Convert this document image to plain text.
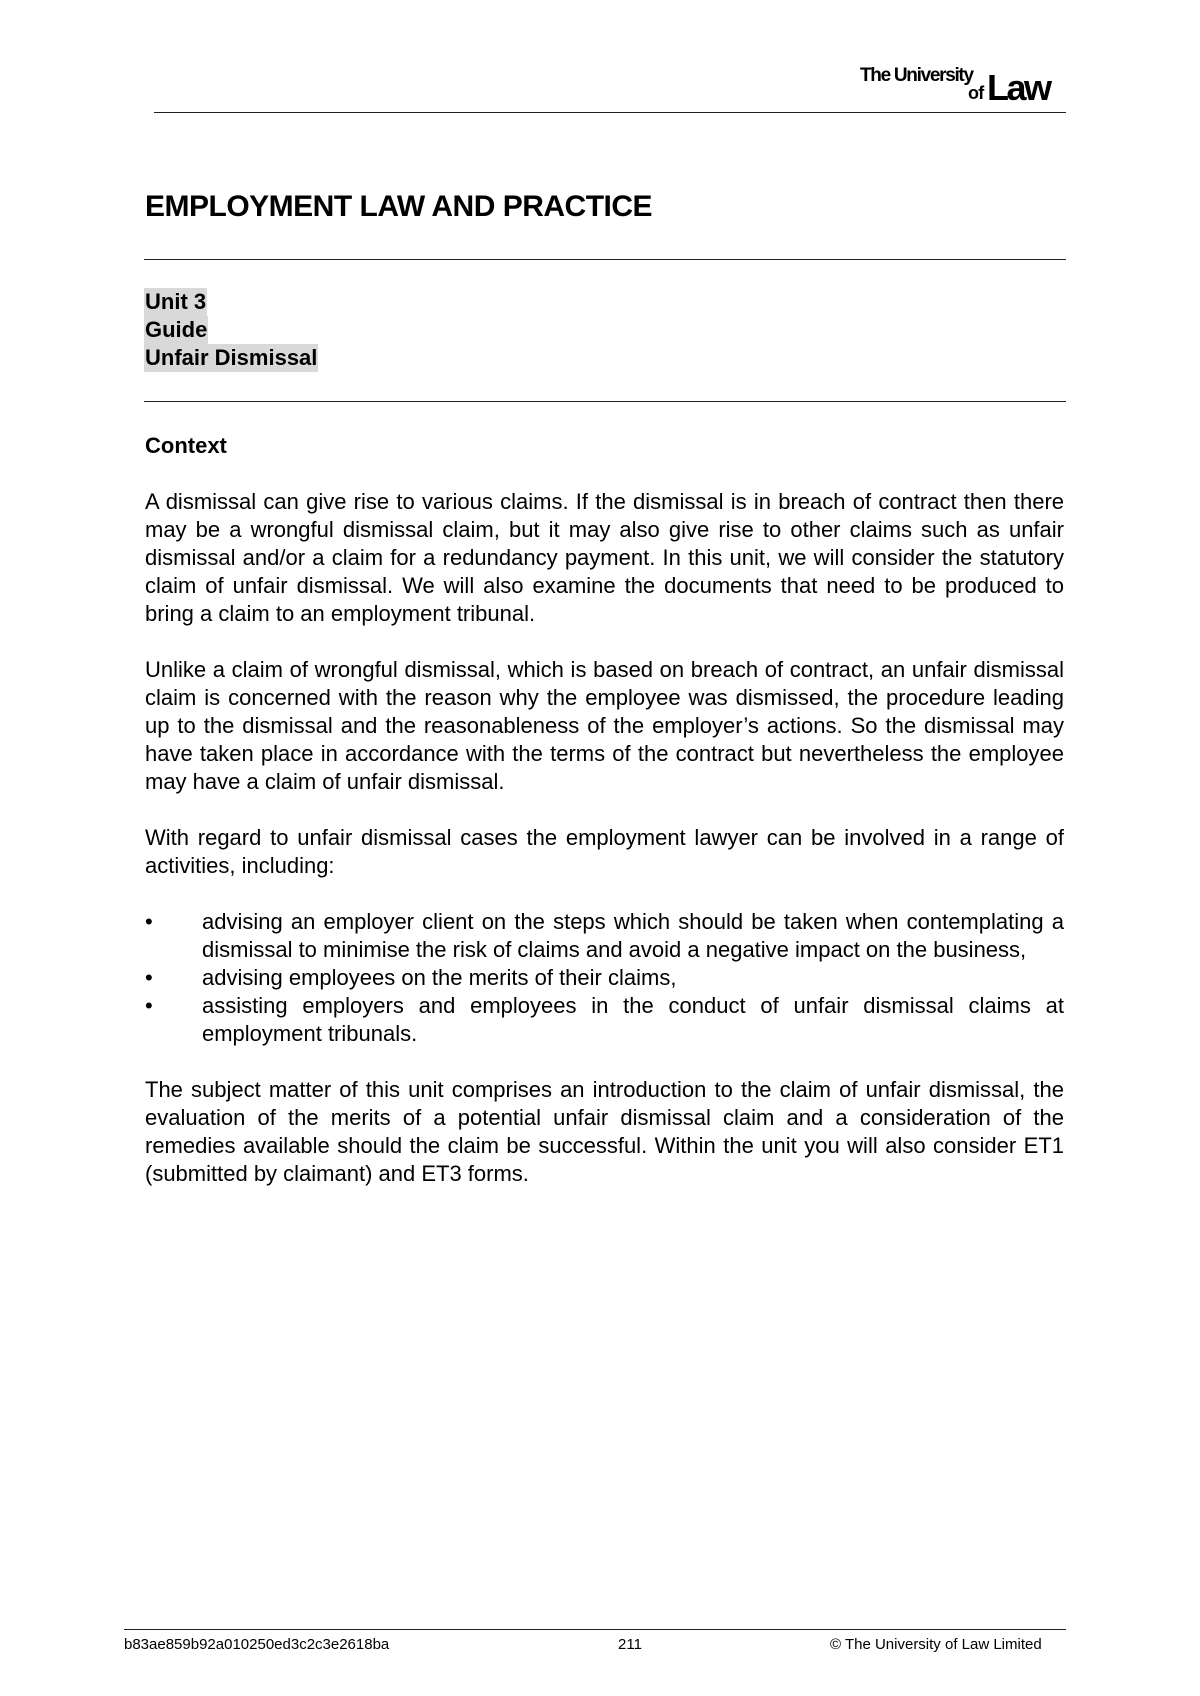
The University
of Law
EMPLOYMENT LAW AND PRACTICE
Unit 3
Guide
Unfair Dismissal
Context

A dismissal can give rise to various claims. If the dismissal is in breach of contract then there may be a wrongful dismissal claim, but it may also give rise to other claims such as unfair dismissal and/or a claim for a redundancy payment. In this unit, we will consider the statutory claim of unfair dismissal. We will also examine the documents that need to be produced to bring a claim to an employment tribunal.

Unlike a claim of wrongful dismissal, which is based on breach of contract, an unfair dismissal claim is concerned with the reason why the employee was dismissed, the procedure leading up to the dismissal and the reasonableness of the employer’s actions. So the dismissal may have taken place in accordance with the terms of the contract but nevertheless the employee may have a claim of unfair dismissal.

With regard to unfair dismissal cases the employment lawyer can be involved in a range of activities, including:

• advising an employer client on the steps which should be taken when contemplating a dismissal to minimise the risk of claims and avoid a negative impact on the business,
• advising employees on the merits of their claims,
• assisting employers and employees in the conduct of unfair dismissal claims at employment tribunals.

The subject matter of this unit comprises an introduction to the claim of unfair dismissal, the evaluation of the merits of a potential unfair dismissal claim and a consideration of the remedies available should the claim be successful. Within the unit you will also consider ET1 (submitted by claimant) and ET3 forms.

b83ae859b92a010250ed3c2c3e2618ba	211	© The University of Law Limited
